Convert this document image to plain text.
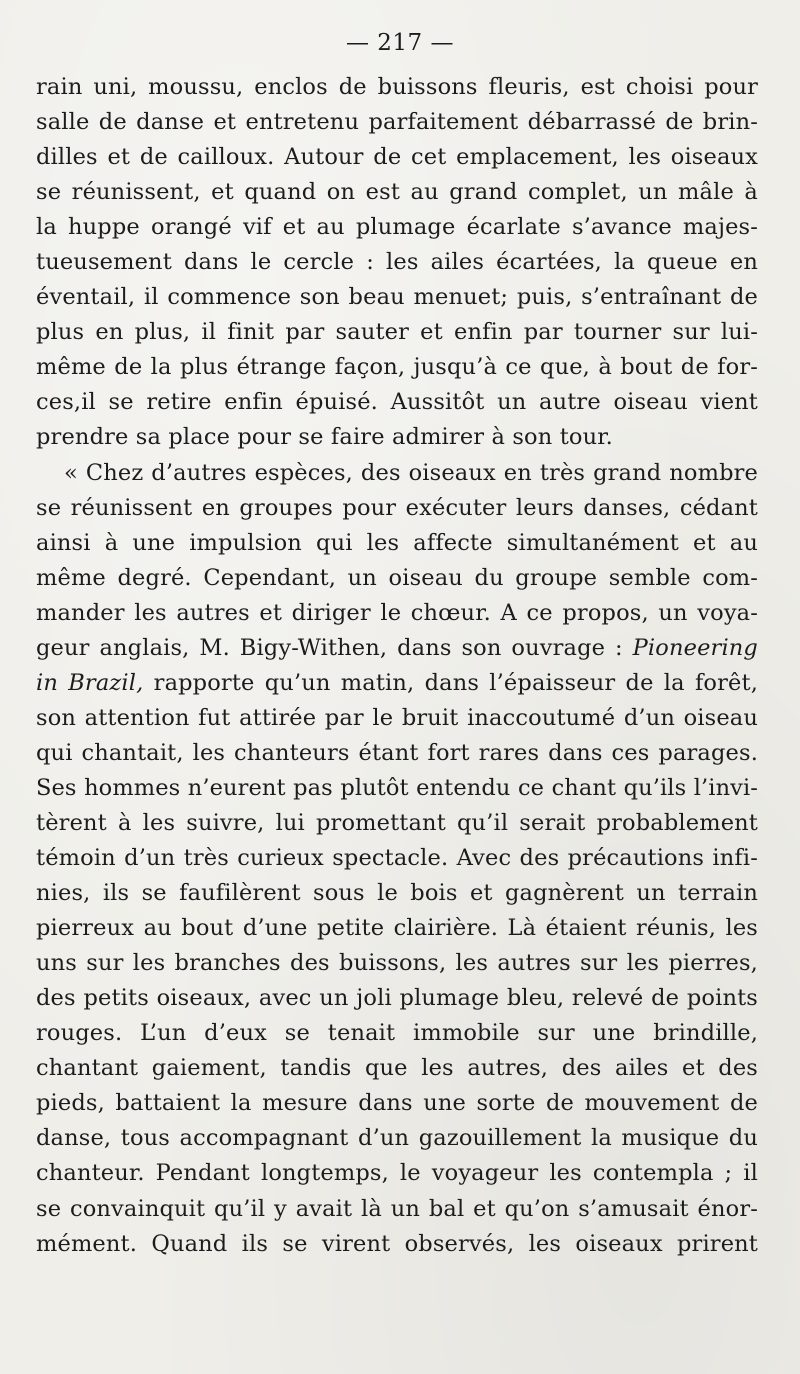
— 217 —
rain uni, moussu, enclos de buissons fleuris, est choisi pour
salle de danse et entretenu parfaitement débarrassé de brin-
dilles et de cailloux. Autour de cet emplacement, les oiseaux
se réunissent, et quand on est au grand complet, un mâle à
la huppe orangé vif et au plumage écarlate s’avance majes-
tueusement dans le cercle : les ailes écartées, la queue en
éventail, il commence son beau menuet; puis, s’entraînant de
plus en plus, il finit par sauter et enfin par tourner sur lui-
même de la plus étrange façon, jusqu’à ce que, à bout de for-
ces,il se retire enfin épuisé. Aussitôt un autre oiseau vient
prendre sa place pour se faire admirer à son tour.
« Chez d’autres espèces, des oiseaux en très grand nombre
se réunissent en groupes pour exécuter leurs danses, cédant
ainsi à une impulsion qui les affecte simultanément et au
même degré. Cependant, un oiseau du groupe semble com-
mander les autres et diriger le chœur. A ce propos, un voya-
geur anglais, M. Bigy-Withen, dans son ouvrage : Pioneering
in Brazil, rapporte qu’un matin, dans l’épaisseur de la forêt,
son attention fut attirée par le bruit inaccoutumé d’un oiseau
qui chantait, les chanteurs étant fort rares dans ces parages.
Ses hommes n’eurent pas plutôt entendu ce chant qu’ils l’invi-
tèrent à les suivre, lui promettant qu’il serait probablement
témoin d’un très curieux spectacle. Avec des précautions infi-
nies, ils se faufilèrent sous le bois et gagnèrent un terrain
pierreux au bout d’une petite clairière. Là étaient réunis, les
uns sur les branches des buissons, les autres sur les pierres,
des petits oiseaux, avec un joli plumage bleu, relevé de points
rouges. L’un d’eux se tenait immobile sur une brindille,
chantant gaiement, tandis que les autres, des ailes et des
pieds, battaient la mesure dans une sorte de mouvement de
danse, tous accompagnant d’un gazouillement la musique du
chanteur. Pendant longtemps, le voyageur les contempla ; il
se convainquit qu’il y avait là un bal et qu’on s’amusait énor-
mément. Quand ils se virent observés, les oiseaux prirent
